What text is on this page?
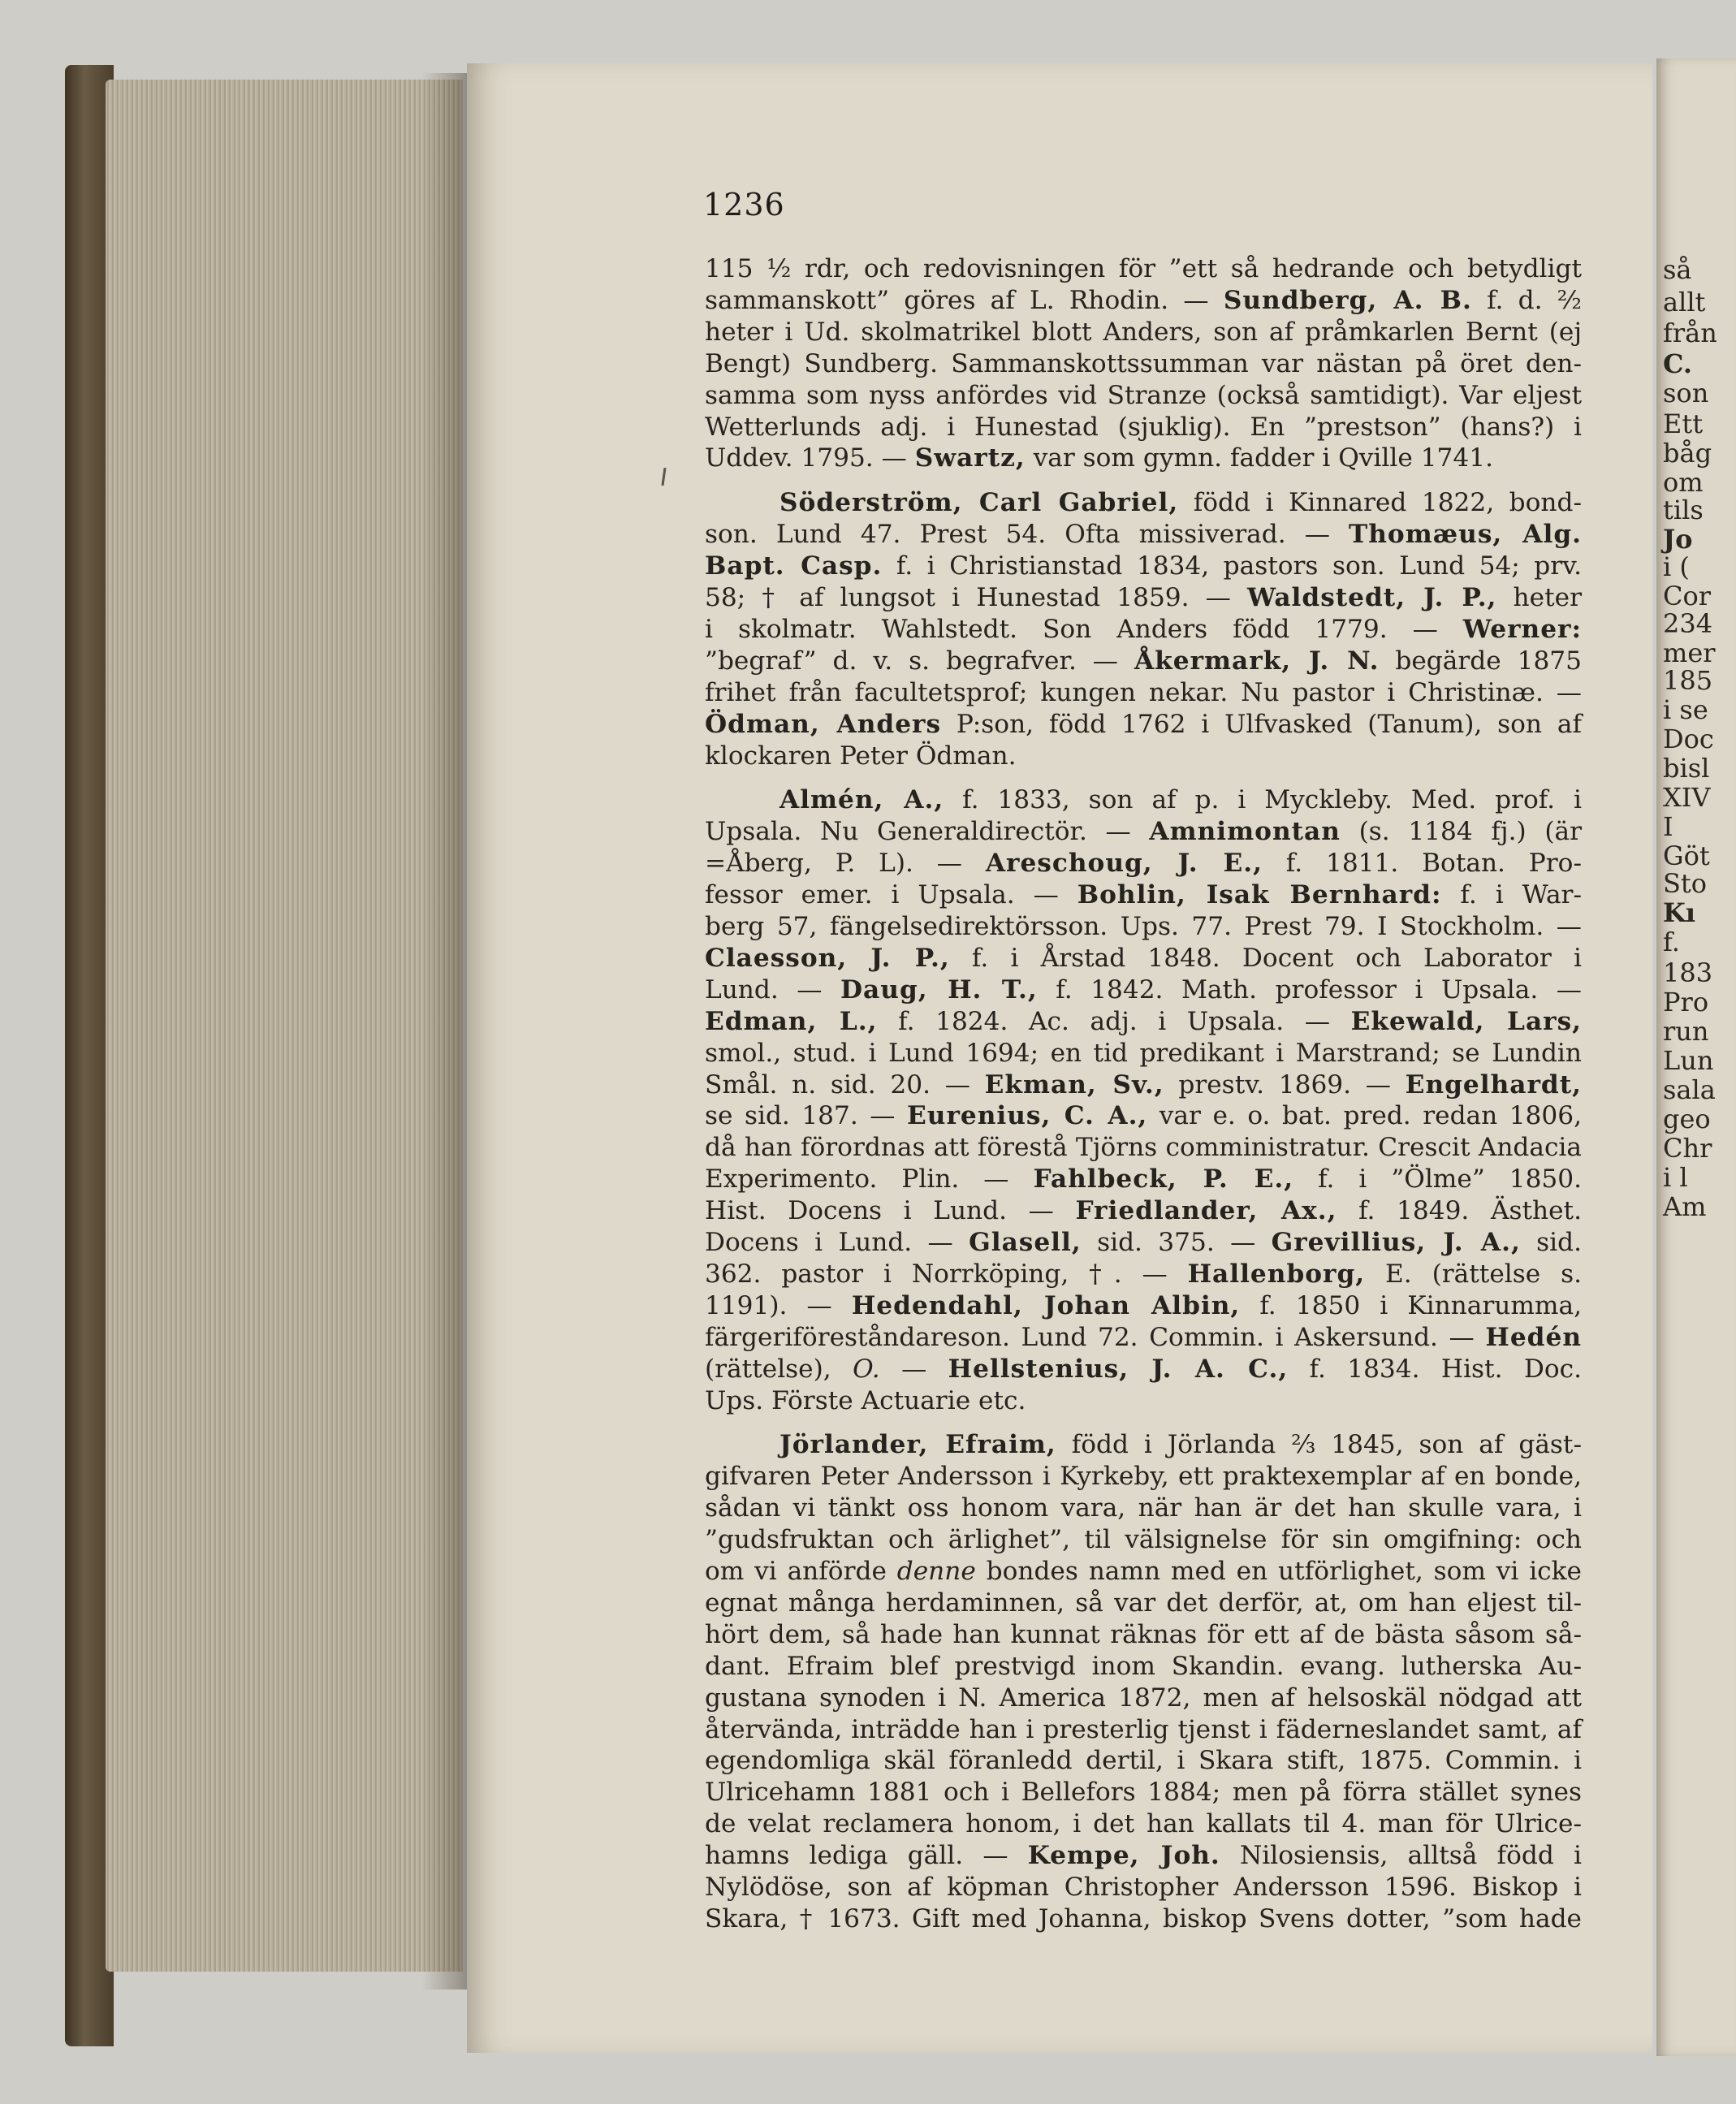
så
allt
från
C.
son
Ett
båg
om
tils
Jo
i (
Cor
234
mer
185
i se
Doc
bisl
XIV
I
Göt
Sto
Kı
f.
183
Pro
run
Lun
sala
geo
Chr
i l
Am
1236
115 ½ rdr, och redovisningen för ”ett så hedrande och betydligt
sammanskott” göres af L. Rhodin. — Sundberg, A. B. f. d. ²⁄₂
heter i Ud. skolmatrikel blott Anders, son af pråmkarlen Bernt (ej
Bengt) Sundberg. Sammanskottssumman var nästan på öret den-
samma som nyss anfördes vid Stranze (också samtidigt). Var eljest
Wetterlunds adj. i Hunestad (sjuklig). En ”prestson” (hans?) i
Uddev. 1795. — Swartz, var som gymn. fadder i Qville 1741.
Söderström, Carl Gabriel, född i Kinnared 1822, bond-
son. Lund 47. Prest 54. Ofta missiverad. — Thomæus, Alg.
Bapt. Casp. f. i Christianstad 1834, pastors son. Lund 54; prv.
58; † af lungsot i Hunestad 1859. — Waldstedt, J. P., heter
i skolmatr. Wahlstedt. Son Anders född 1779. — Werner:
”begraf” d. v. s. begrafver. — Åkermark, J. N. begärde 1875
frihet från facultetsprof; kungen nekar. Nu pastor i Christinæ. —
Ödman, Anders P:son, född 1762 i Ulfvasked (Tanum), son af
klockaren Peter Ödman.
Almén, A., f. 1833, son af p. i Myckleby. Med. prof. i
Upsala. Nu Generaldirectör. — Amnimontan (s. 1184 fj.) (är
=Åberg, P. L). — Areschoug, J. E., f. 1811. Botan. Pro-
fessor emer. i Upsala. — Bohlin, Isak Bernhard: f. i War-
berg 57, fängelsedirektörsson. Ups. 77. Prest 79. I Stockholm. —
Claesson, J. P., f. i Årstad 1848. Docent och Laborator i
Lund. — Daug, H. T., f. 1842. Math. professor i Upsala. —
Edman, L., f. 1824. Ac. adj. i Upsala. — Ekewald, Lars,
smol., stud. i Lund 1694; en tid predikant i Marstrand; se Lundin
Smål. n. sid. 20. — Ekman, Sv., prestv. 1869. — Engelhardt,
se sid. 187. — Eurenius, C. A., var e. o. bat. pred. redan 1806,
då han förordnas att förestå Tjörns comministratur. Crescit Andacia
Experimento. Plin. — Fahlbeck, P. E., f. i ”Ölme” 1850.
Hist. Docens i Lund. — Friedlander, Ax., f. 1849. Ästhet.
Docens i Lund. — Glasell, sid. 375. — Grevillius, J. A., sid.
362. pastor i Norrköping, †. — Hallenborg, E. (rättelse s.
1191). — Hedendahl, Johan Albin, f. 1850 i Kinnarumma,
färgeriföreståndareson. Lund 72. Commin. i Askersund. — Hedén
(rättelse), O. — Hellstenius, J. A. C., f. 1834. Hist. Doc.
Ups. Förste Actuarie etc.
Jörlander, Efraim, född i Jörlanda ²⁄₃ 1845, son af gäst-
gifvaren Peter Andersson i Kyrkeby, ett praktexemplar af en bonde,
sådan vi tänkt oss honom vara, när han är det han skulle vara, i
”gudsfruktan och ärlighet”, til välsignelse för sin omgifning: och
om vi anförde denne bondes namn med en utförlighet, som vi icke
egnat många herdaminnen, så var det derför, at, om han eljest til-
hört dem, så hade han kunnat räknas för ett af de bästa såsom så-
dant. Efraim blef prestvigd inom Skandin. evang. lutherska Au-
gustana synoden i N. America 1872, men af helsoskäl nödgad att
återvända, inträdde han i presterlig tjenst i fäderneslandet samt, af
egendomliga skäl föranledd dertil, i Skara stift, 1875. Commin. i
Ulricehamn 1881 och i Bellefors 1884; men på förra stället synes
de velat reclamera honom, i det han kallats til 4. man för Ulrice-
hamns lediga gäll. — Kempe, Joh. Nilosiensis, alltså född i
Nylödöse, son af köpman Christopher Andersson 1596. Biskop i
Skara, † 1673. Gift med Johanna, biskop Svens dotter, ”som hade
